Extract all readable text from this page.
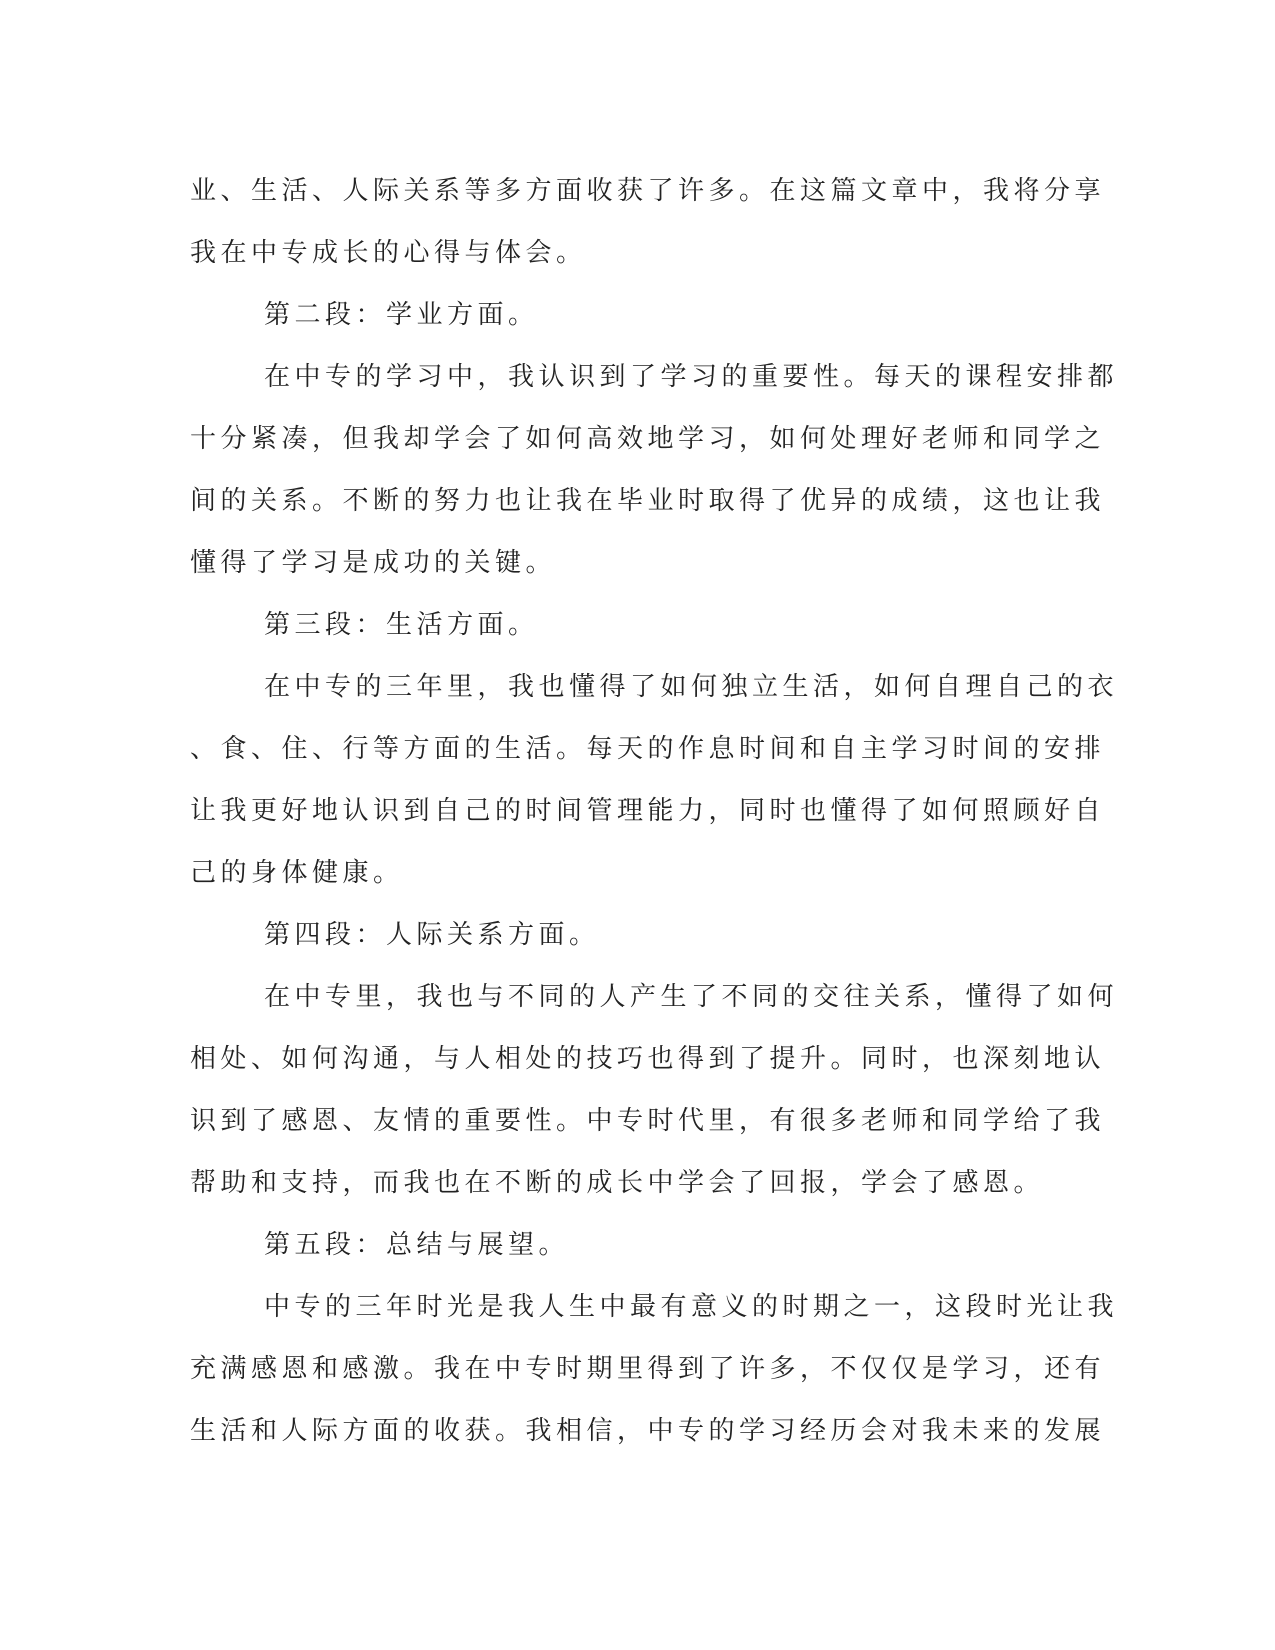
业、生活、人际关系等多方面收获了许多。在这篇文章中，我将分享
我在中专成长的心得与体会。

第二段：学业方面。

在中专的学习中，我认识到了学习的重要性。每天的课程安排都
十分紧凑，但我却学会了如何高效地学习，如何处理好老师和同学之
间的关系。不断的努力也让我在毕业时取得了优异的成绩，这也让我
懂得了学习是成功的关键。

第三段：生活方面。

在中专的三年里，我也懂得了如何独立生活，如何自理自己的衣
、食、住、行等方面的生活。每天的作息时间和自主学习时间的安排
让我更好地认识到自己的时间管理能力，同时也懂得了如何照顾好自
己的身体健康。

第四段：人际关系方面。

在中专里，我也与不同的人产生了不同的交往关系，懂得了如何
相处、如何沟通，与人相处的技巧也得到了提升。同时，也深刻地认
识到了感恩、友情的重要性。中专时代里，有很多老师和同学给了我
帮助和支持，而我也在不断的成长中学会了回报，学会了感恩。

第五段：总结与展望。

中专的三年时光是我人生中最有意义的时期之一，这段时光让我
充满感恩和感激。我在中专时期里得到了许多，不仅仅是学习，还有
生活和人际方面的收获。我相信，中专的学习经历会对我未来的发展
